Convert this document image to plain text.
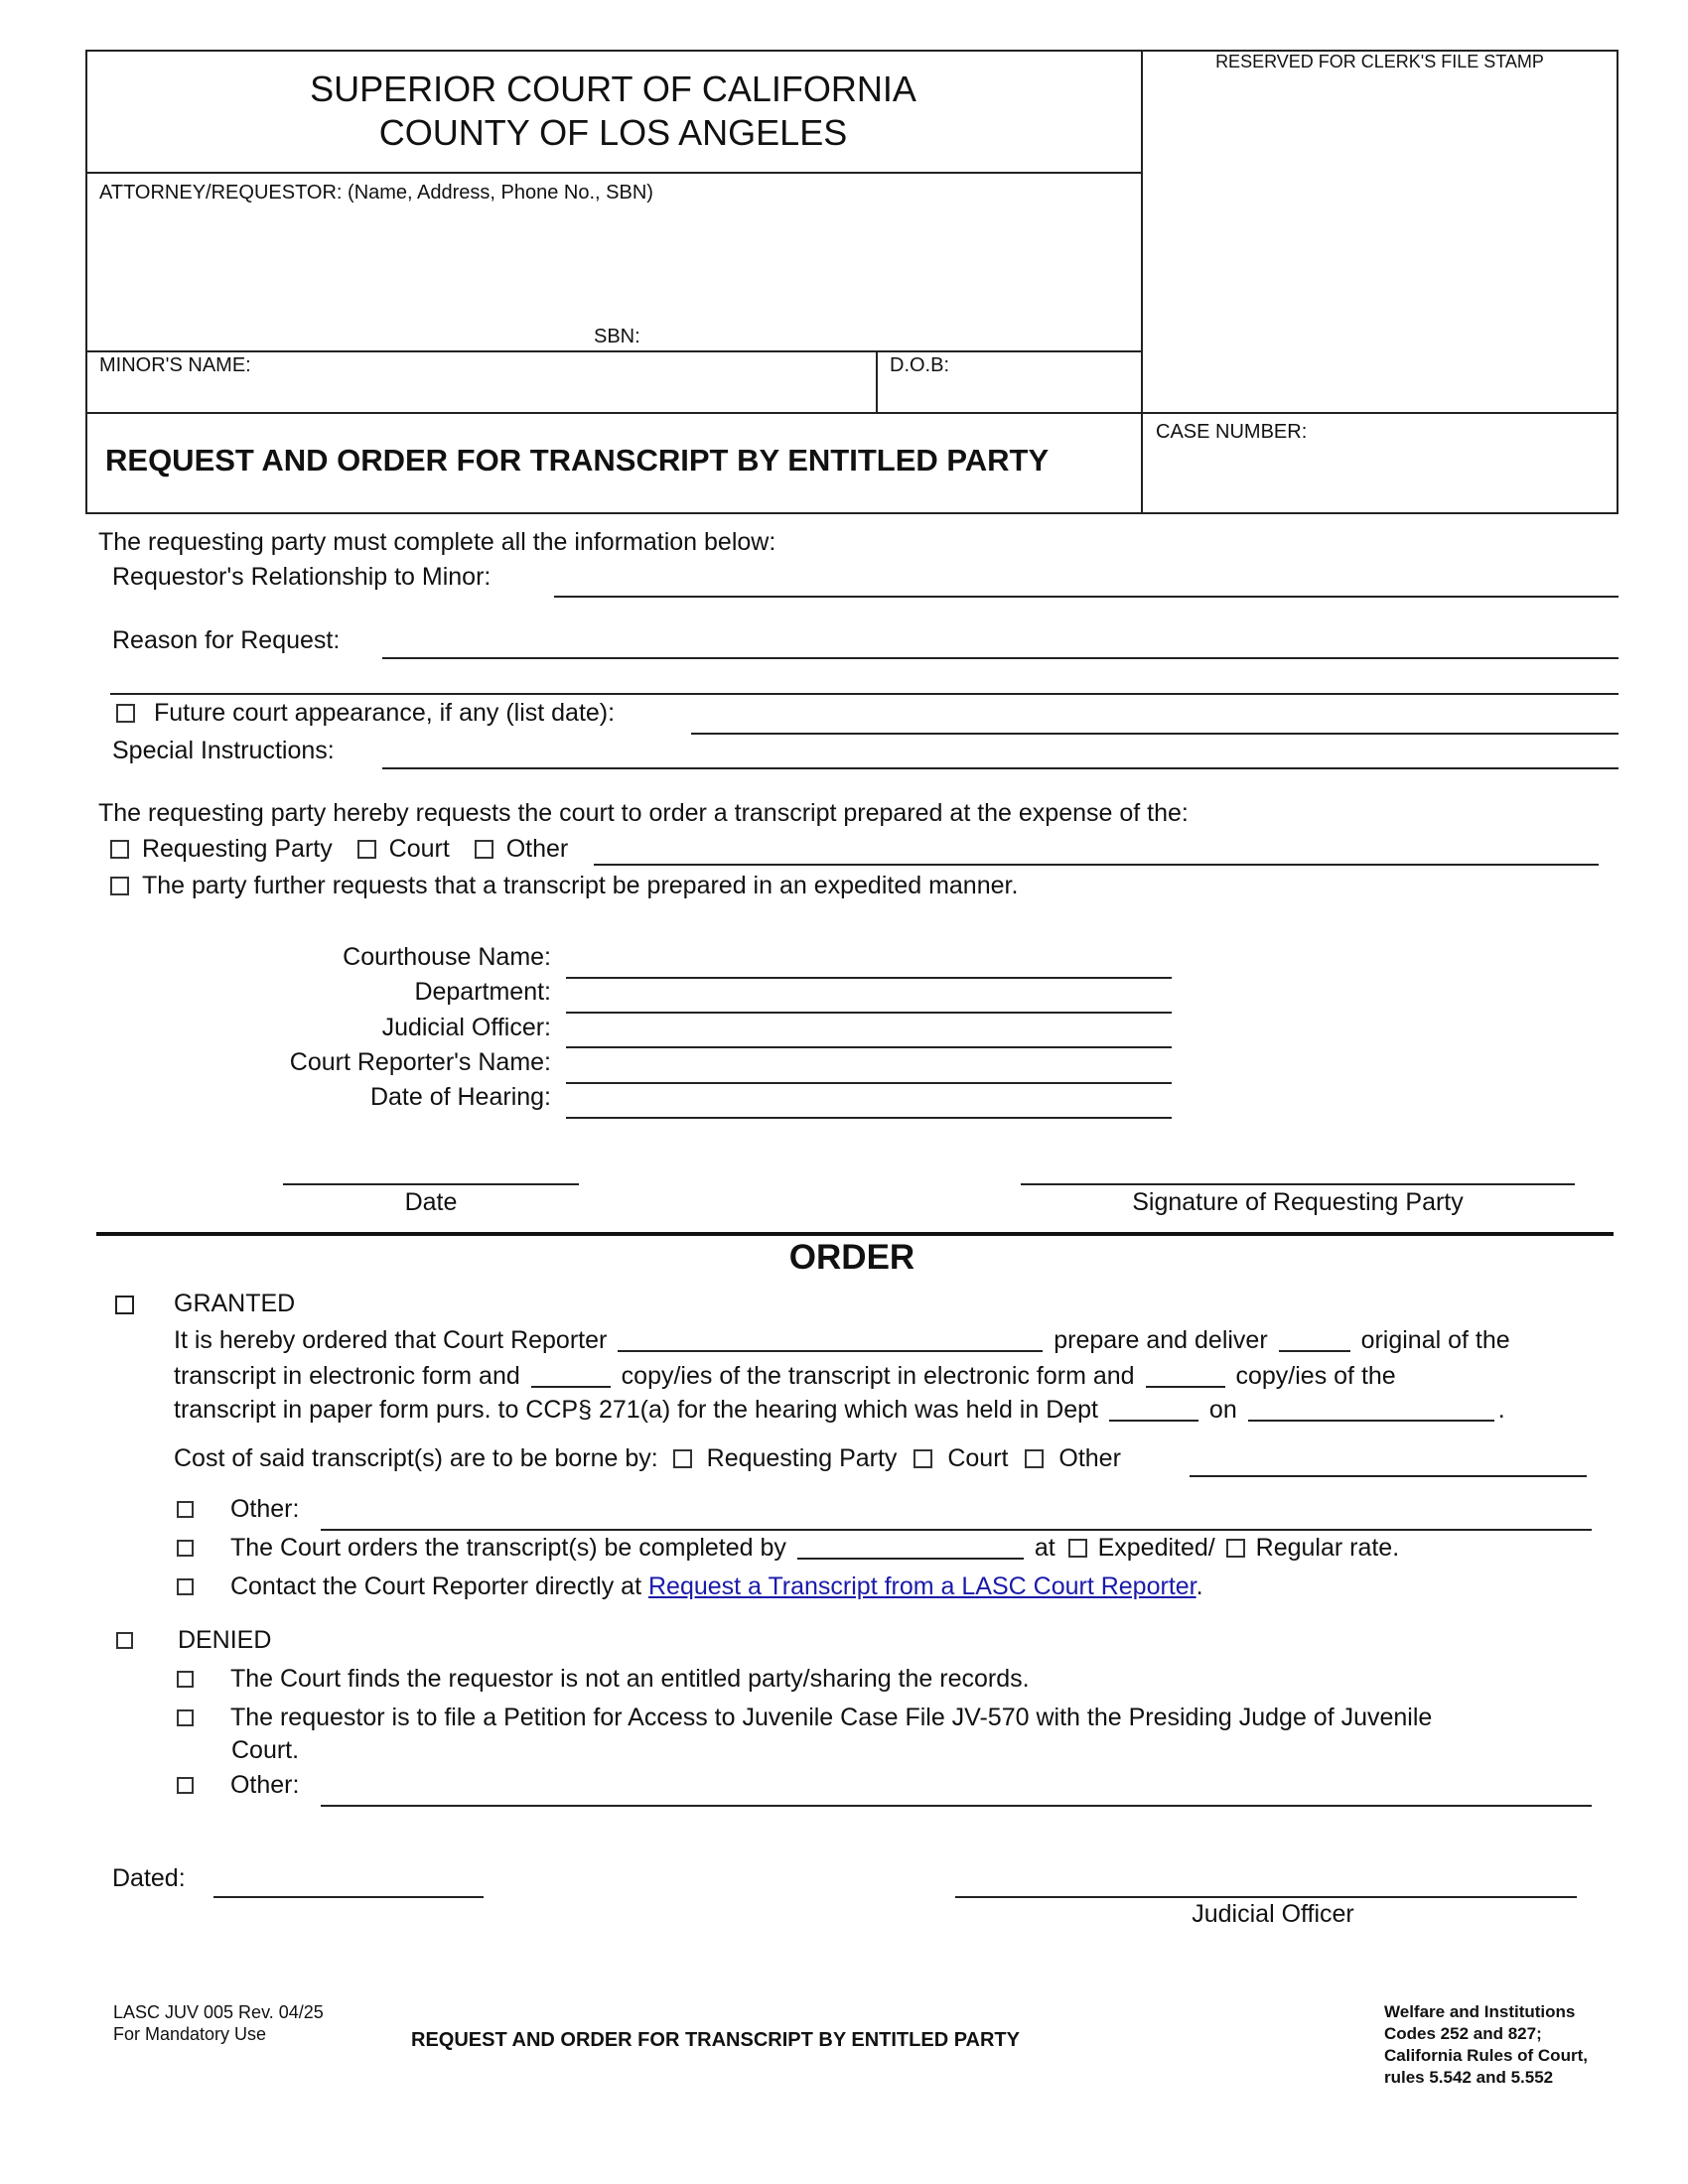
SUPERIOR COURT OF CALIFORNIA
COUNTY OF LOS ANGELES
RESERVED FOR CLERK'S FILE STAMP
ATTORNEY/REQUESTOR: (Name, Address, Phone No., SBN)
SBN:
MINOR'S NAME:	D.O.B:
REQUEST AND ORDER FOR TRANSCRIPT BY ENTITLED PARTY
CASE NUMBER:
The requesting party must complete all the information below:
Requestor's Relationship to Minor:
Reason for Request:
Future court appearance, if any (list date):
Special Instructions:
The requesting party hereby requests the court to order a transcript prepared at the expense of the:
Requesting Party Court Other
The party further requests that a transcript be prepared in an expedited manner.
Courthouse Name:
Department:
Judicial Officer:
Court Reporter's Name:
Date of Hearing:
Date	Signature of Requesting Party
ORDER
GRANTED
It is hereby ordered that Court Reporter	prepare and deliver	original of the
transcript in electronic form and	copy/ies of the transcript in electronic form and	copy/ies of the
transcript in paper form purs. to CCP§ 271(a) for the hearing which was held in Dept	on	.
Cost of said transcript(s) are to be borne by: Requesting Party Court Other
Other:
The Court orders the transcript(s) be completed by	at Expedited/ Regular rate.
Contact the Court Reporter directly at Request a Transcript from a LASC Court Reporter.
DENIED
The Court finds the requestor is not an entitled party/sharing the records.
The requestor is to file a Petition for Access to Juvenile Case File JV-570 with the Presiding Judge of Juvenile
Court.
Other:
Dated:
Judicial Officer
LASC JUV 005 Rev. 04/25
For Mandatory Use	REQUEST AND ORDER FOR TRANSCRIPT BY ENTITLED PARTY
Welfare and Institutions
Codes 252 and 827;
California Rules of Court,
rules 5.542 and 5.552
